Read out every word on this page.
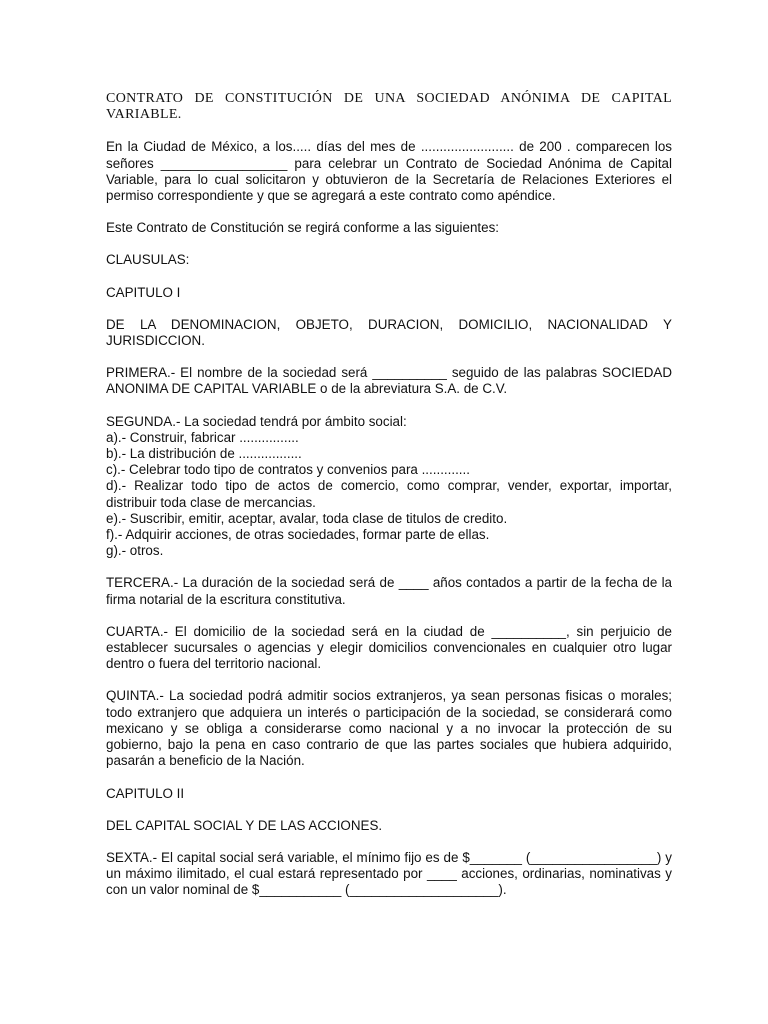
CONTRATO DE CONSTITUCIÓN DE UNA SOCIEDAD ANÓNIMA DE CAPITAL VARIABLE.

En la Ciudad de México, a los..... días del mes de ......................... de 200 . comparecen los señores _________________ para celebrar un Contrato de Sociedad Anónima de Capital Variable, para lo cual solicitaron y obtuvieron de la Secretaría de Relaciones Exteriores el permiso correspondiente y que se agregará a este contrato como apéndice.

Este Contrato de Constitución se regirá conforme a las siguientes:

CLAUSULAS:
CAPITULO I

DE LA DENOMINACION, OBJETO, DURACION, DOMICILIO, NACIONALIDAD Y JURISDICCION.

PRIMERA.- El nombre de la sociedad será __________ seguido de las palabras SOCIEDAD ANONIMA DE CAPITAL VARIABLE o de la abreviatura S.A. de C.V.

SEGUNDA.- La sociedad tendrá por ámbito social:
a).- Construir, fabricar ................
b).- La distribución de .................
c).- Celebrar todo tipo de contratos y convenios para .............
d).- Realizar todo tipo de actos de comercio, como comprar, vender, exportar, importar, distribuir toda clase de mercancias.
e).- Suscribir, emitir, aceptar, avalar, toda clase de titulos de credito.
f).- Adquirir acciones, de otras sociedades, formar parte de ellas.
g).- otros.

TERCERA.- La duración de la sociedad será de ____ años contados a partir de la fecha de la firma notarial de la escritura constitutiva.

CUARTA.- El domicilio de la sociedad será en la ciudad de __________, sin perjuicio de establecer sucursales o agencias y elegir domicilios convencionales en cualquier otro lugar dentro o fuera del territorio nacional.

QUINTA.- La sociedad podrá admitir socios extranjeros, ya sean personas fisicas o morales; todo extranjero que adquiera un interés o participación de la sociedad, se considerará como mexicano y se obliga a considerarse como nacional y a no invocar la protección de su gobierno, bajo la pena en caso contrario de que las partes sociales que hubiera adquirido, pasarán a beneficio de la Nación.

CAPITULO II
DEL CAPITAL SOCIAL Y DE LAS ACCIONES.

SEXTA.- El capital social será variable, el mínimo fijo es de $_______ (_________________) y un máximo ilimitado, el cual estará representado por ____ acciones, ordinarias, nominativas y con un valor nominal de $___________ (____________________).
